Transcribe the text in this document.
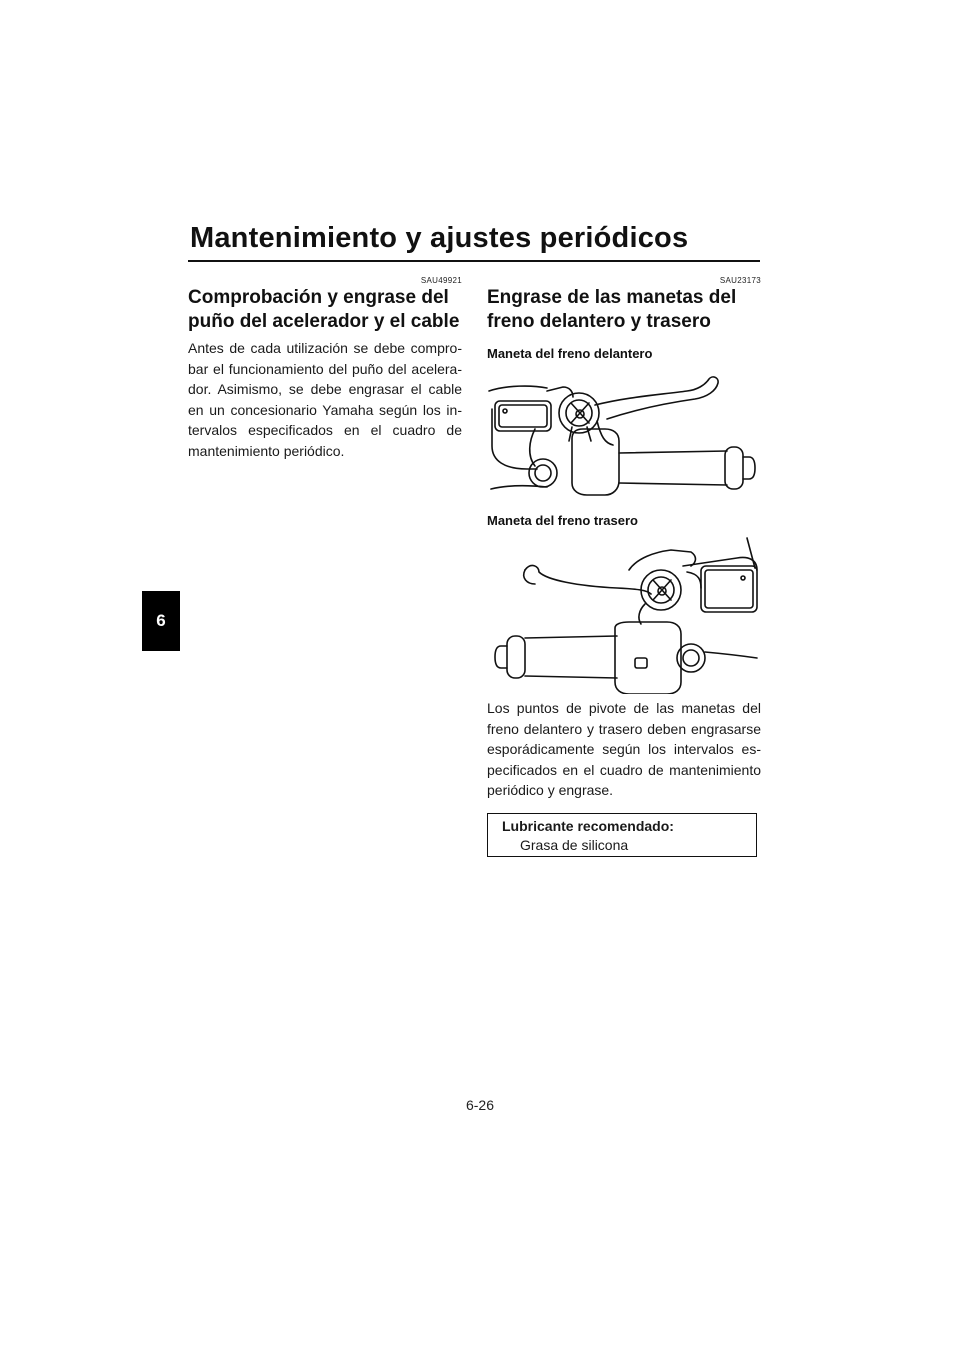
Mantenimiento y ajustes periódicos
6
SAU49921
Comprobación y engrase del puño del acelerador y el cable

Antes de cada utilización se debe compro-bar el funcionamiento del puño del acelera-dor. Asimismo, se debe engrasar el cable en un concesionario Yamaha según los in-tervalos especificados en el cuadro de mantenimiento periódico.

SAU23173
Engrase de las manetas del freno delantero y trasero
Maneta del freno delantero
Maneta del freno trasero

Los puntos de pivote de las manetas del freno delantero y trasero deben engrasarse esporádicamente según los intervalos es-pecificados en el cuadro de mantenimiento periódico y engrase.

Lubricante recomendado:
Grasa de silicona
6-26
